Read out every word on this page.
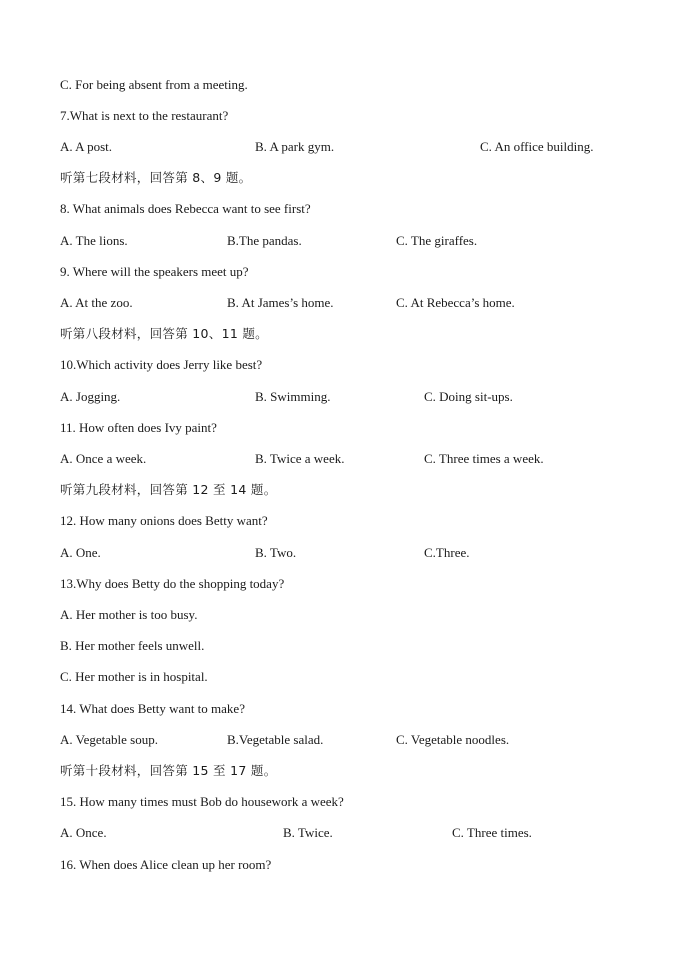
C. For being absent from a meeting.
7.What is next to the restaurant?
A. A post.	B. A park gym.	C. An office building.
听第七段材料，回答第 8、9 题。
8. What animals does Rebecca want to see first?
A. The lions.	B.The pandas.	C. The giraffes.
9. Where will the speakers meet up?
A. At the zoo.	B. At James’s home.	C. At Rebecca’s home.
听第八段材料，回答第 10、11 题。
10.Which activity does Jerry like best?
A. Jogging.	B. Swimming.	C. Doing sit-ups.
11. How often does Ivy paint?
A. Once a week.	B. Twice a week.	C. Three times a week.
听第九段材料，回答第 12 至 14 题。
12. How many onions does Betty want?
A. One.	B. Two.	C.Three.
13.Why does Betty do the shopping today?
A. Her mother is too busy.
B. Her mother feels unwell.
C. Her mother is in hospital.
14. What does Betty want to make?
A. Vegetable soup.	B.Vegetable salad.	C. Vegetable noodles.
听第十段材料，回答第 15 至 17 题。
15. How many times must Bob do housework a week?
A. Once.	B. Twice.	C. Three times.
16. When does Alice clean up her room?
